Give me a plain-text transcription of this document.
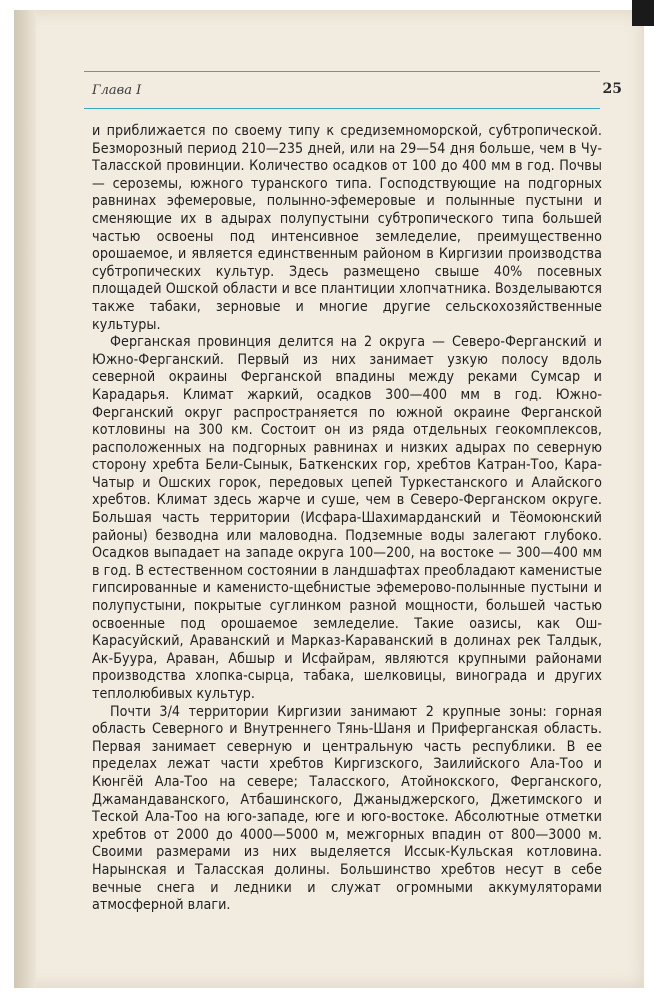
Глава I	25

и приближается по своему типу к средиземноморской, субтропической. Безморозный период 210—235 дней, или на 29—54 дня больше, чем в Чу-Таласской провинции. Количество осадков от 100 до 400 мм в год. Почвы — сероземы, южного туранского типа. Господствующие на подгорных равнинах эфемеровые, полынно-эфемеровые и полынные пустыни и сменяющие их в адырах полупустыни субтропического типа большей частью освоены под интенсивное земледелие, преимущественно орошаемое, и является единственным районом в Киргизии производства субтропических культур. Здесь размещено свыше 40% посевных площадей Ошской области и все плантиции хлопчатника. Возделываются также табаки, зерновые и многие другие сельскохозяйственные культуры.

Ферганская провинция делится на 2 округа — Северо-Ферганский и Южно-Ферганский. Первый из них занимает узкую полосу вдоль северной окраины Ферганской впадины между реками Сумсар и Карадарья. Климат жаркий, осадков 300—400 мм в год. Южно-Ферганский округ распространяется по южной окраине Ферганской котловины на 300 км. Состоит он из ряда отдельных геокомплексов, расположенных на подгорных равнинах и низких адырах по северную сторону хребта Бели-Сынык, Баткенских гор, хребтов Катран-Тоо, Кара-Чатыр и Ошских горок, передовых цепей Туркестанского и Алайского хребтов. Климат здесь жарче и суше, чем в Северо-Ферганском округе. Большая часть территории (Исфара-Шахимарданский и Тёомоюнский районы) безводна или маловодна. Подземные воды залегают глубоко. Осадков выпадает на западе округа 100—200, на востоке — 300—400 мм в год. В естественном состоянии в ландшафтах преобладают каменистые гипсированные и каменисто-щебнистые эфемерово-полынные пустыни и полупустыни, покрытые суглинком разной мощности, большей частью освоенные под орошаемое земледелие. Такие оазисы, как Ош-Карасуйский, Араванский и Марказ-Караванский в долинах рек Талдык, Ак-Буура, Араван, Абшыр и Исфайрам, являются крупными районами производства хлопка-сырца, табака, шелковицы, винограда и других теплолюбивых культур.

Почти 3/4 территории Киргизии занимают 2 крупные зоны: горная область Северного и Внутреннего Тянь-Шаня и Приферганская область. Первая занимает северную и центральную часть республики. В ее пределах лежат части хребтов Киргизского, Заилийского Ала-Тоо и Кюнгёй Ала-Тоо на севере; Таласского, Атойнокского, Ферганского, Джамандаванского, Атбашинского, Джаныджерского, Джетимского и Теской Ала-Тоо на юго-западе, юге и юго-востоке. Абсолютные отметки хребтов от 2000 до 4000—5000 м, межгорных впадин от 800—3000 м. Своими размерами из них выделяется Иссык-Кульская котловина. Нарынская и Таласская долины. Большинство хребтов несут в себе вечные снега и ледники и служат огромными аккумуляторами атмосферной влаги.
